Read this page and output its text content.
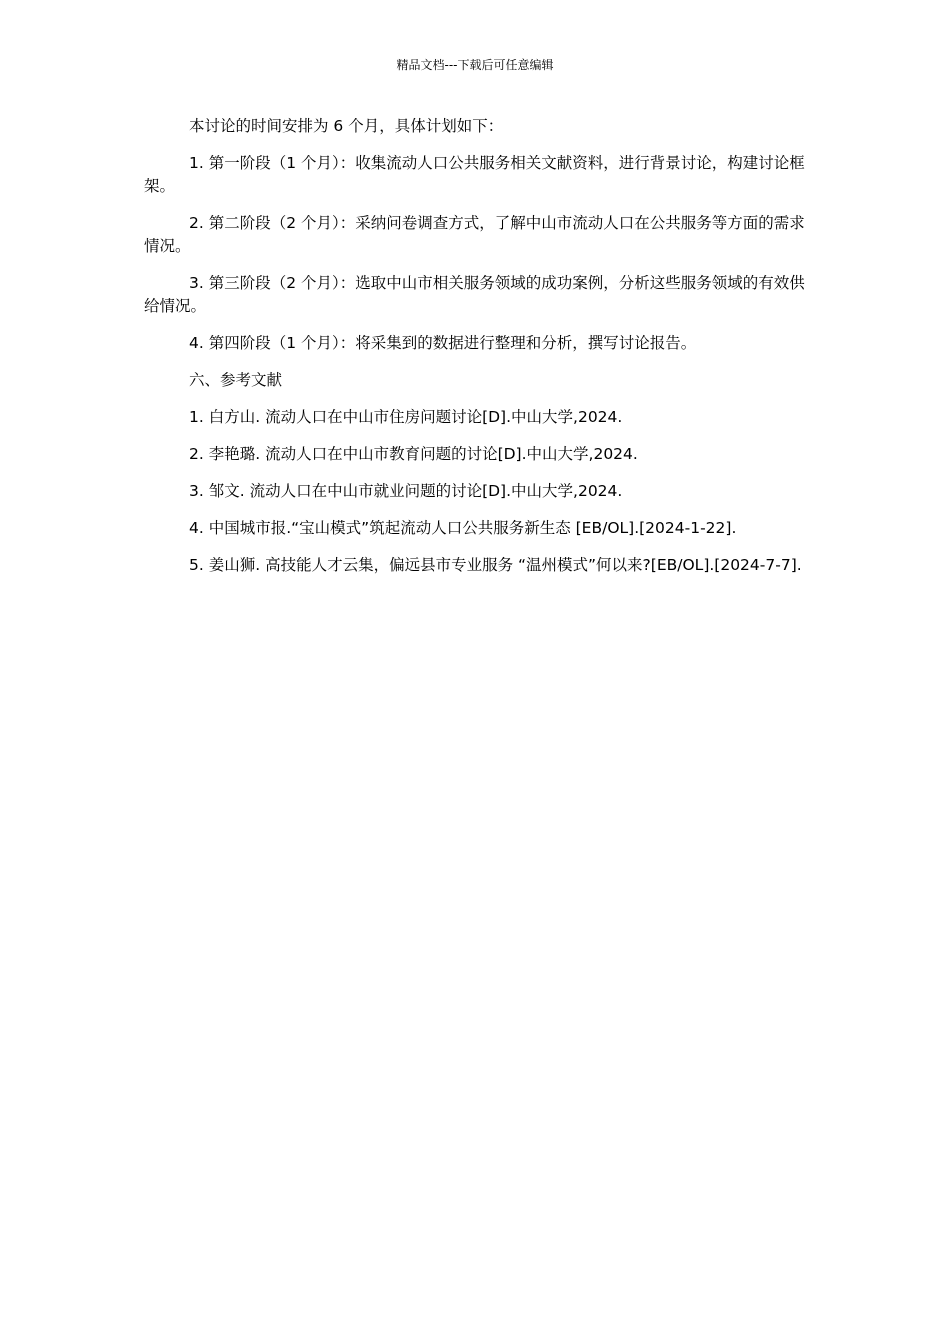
精品文档---下载后可任意编辑

本讨论的时间安排为 6 个月，具体计划如下：

1. 第一阶段（1 个月）：收集流动人口公共服务相关文献资料，进行背景讨论，构建讨论框架。

2. 第二阶段（2 个月）：采纳问卷调查方式，了解中山市流动人口在公共服务等方面的需求情况。

3. 第三阶段（2 个月）：选取中山市相关服务领域的成功案例，分析这些服务领域的有效供给情况。

4. 第四阶段（1 个月）：将采集到的数据进行整理和分析，撰写讨论报告。

六、参考文献

1. 白方山. 流动人口在中山市住房问题讨论[D].中山大学,2024.

2. 李艳璐. 流动人口在中山市教育问题的讨论[D].中山大学,2024.

3. 邹文. 流动人口在中山市就业问题的讨论[D].中山大学,2024.

4. 中国城市报.“宝山模式”筑起流动人口公共服务新生态 [EB/OL].[2024-1-22].

5. 姜山狮. 高技能人才云集，偏远县市专业服务 “温州模式”何以来?[EB/OL].[2024-7-7].
